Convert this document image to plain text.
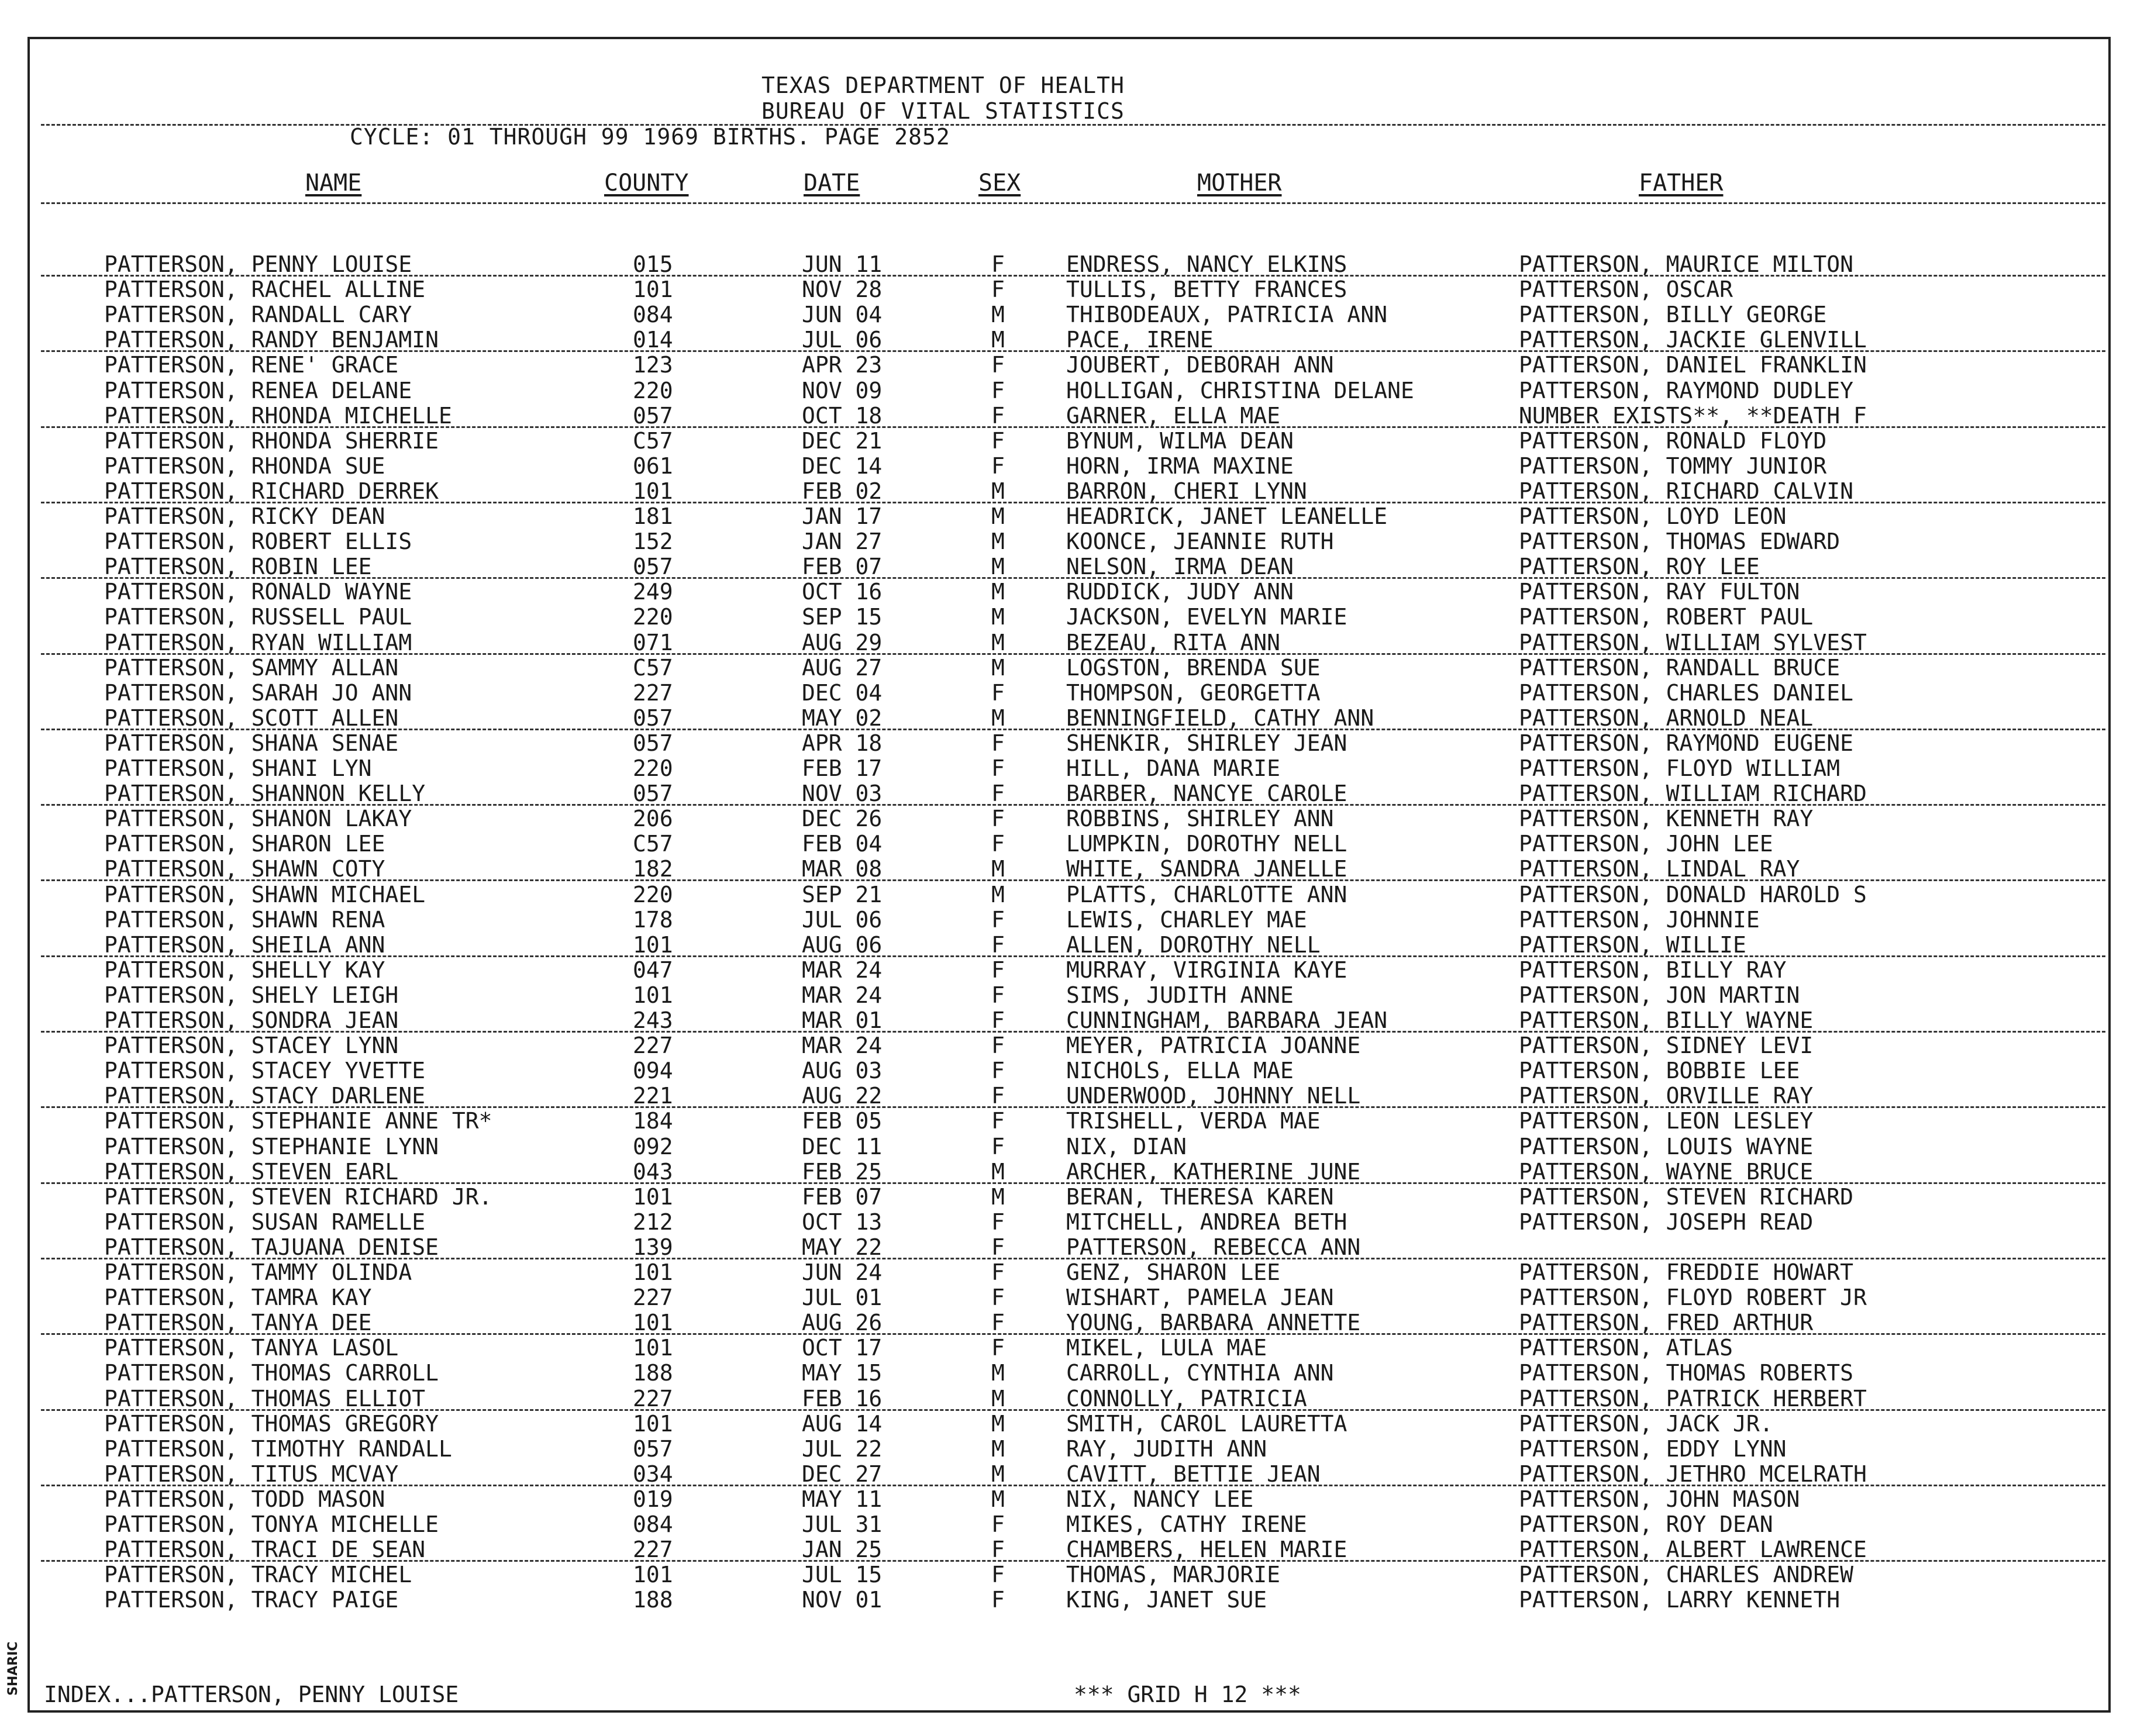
SHARIC
TEXAS DEPARTMENT OF HEALTH
BUREAU OF VITAL STATISTICS
CYCLE: 01 THROUGH 99 1969 BIRTHS. PAGE 2852
NAME	COUNTY	DATE	SEX	MOTHER	FATHER
PATTERSON, PENNY LOUISE	015	JUN 11	F	ENDRESS, NANCY ELKINS	PATTERSON, MAURICE MILTON
PATTERSON, RACHEL ALLINE	101	NOV 28	F	TULLIS, BETTY FRANCES	PATTERSON, OSCAR
PATTERSON, RANDALL CARY	084	JUN 04	M	THIBODEAUX, PATRICIA ANN	PATTERSON, BILLY GEORGE
PATTERSON, RANDY BENJAMIN	014	JUL 06	M	PACE, IRENE	PATTERSON, JACKIE GLENVILL
PATTERSON, RENE' GRACE	123	APR 23	F	JOUBERT, DEBORAH ANN	PATTERSON, DANIEL FRANKLIN
PATTERSON, RENEA DELANE	220	NOV 09	F	HOLLIGAN, CHRISTINA DELANE	PATTERSON, RAYMOND DUDLEY
PATTERSON, RHONDA MICHELLE	057	OCT 18	F	GARNER, ELLA MAE	NUMBER EXISTS**, **DEATH F
PATTERSON, RHONDA SHERRIE	C57	DEC 21	F	BYNUM, WILMA DEAN	PATTERSON, RONALD FLOYD
PATTERSON, RHONDA SUE	061	DEC 14	F	HORN, IRMA MAXINE	PATTERSON, TOMMY JUNIOR
PATTERSON, RICHARD DERREK	101	FEB 02	M	BARRON, CHERI LYNN	PATTERSON, RICHARD CALVIN
PATTERSON, RICKY DEAN	181	JAN 17	M	HEADRICK, JANET LEANELLE	PATTERSON, LOYD LEON
PATTERSON, ROBERT ELLIS	152	JAN 27	M	KOONCE, JEANNIE RUTH	PATTERSON, THOMAS EDWARD
PATTERSON, ROBIN LEE	057	FEB 07	M	NELSON, IRMA DEAN	PATTERSON, ROY LEE
PATTERSON, RONALD WAYNE	249	OCT 16	M	RUDDICK, JUDY ANN	PATTERSON, RAY FULTON
PATTERSON, RUSSELL PAUL	220	SEP 15	M	JACKSON, EVELYN MARIE	PATTERSON, ROBERT PAUL
PATTERSON, RYAN WILLIAM	071	AUG 29	M	BEZEAU, RITA ANN	PATTERSON, WILLIAM SYLVEST
PATTERSON, SAMMY ALLAN	C57	AUG 27	M	LOGSTON, BRENDA SUE	PATTERSON, RANDALL BRUCE
PATTERSON, SARAH JO ANN	227	DEC 04	F	THOMPSON, GEORGETTA	PATTERSON, CHARLES DANIEL
PATTERSON, SCOTT ALLEN	057	MAY 02	M	BENNINGFIELD, CATHY ANN	PATTERSON, ARNOLD NEAL
PATTERSON, SHANA SENAE	057	APR 18	F	SHENKIR, SHIRLEY JEAN	PATTERSON, RAYMOND EUGENE
PATTERSON, SHANI LYN	220	FEB 17	F	HILL, DANA MARIE	PATTERSON, FLOYD WILLIAM
PATTERSON, SHANNON KELLY	057	NOV 03	F	BARBER, NANCYE CAROLE	PATTERSON, WILLIAM RICHARD
PATTERSON, SHANON LAKAY	206	DEC 26	F	ROBBINS, SHIRLEY ANN	PATTERSON, KENNETH RAY
PATTERSON, SHARON LEE	C57	FEB 04	F	LUMPKIN, DOROTHY NELL	PATTERSON, JOHN LEE
PATTERSON, SHAWN COTY	182	MAR 08	M	WHITE, SANDRA JANELLE	PATTERSON, LINDAL RAY
PATTERSON, SHAWN MICHAEL	220	SEP 21	M	PLATTS, CHARLOTTE ANN	PATTERSON, DONALD HAROLD S
PATTERSON, SHAWN RENA	178	JUL 06	F	LEWIS, CHARLEY MAE	PATTERSON, JOHNNIE
PATTERSON, SHEILA ANN	101	AUG 06	F	ALLEN, DOROTHY NELL	PATTERSON, WILLIE
PATTERSON, SHELLY KAY	047	MAR 24	F	MURRAY, VIRGINIA KAYE	PATTERSON, BILLY RAY
PATTERSON, SHELY LEIGH	101	MAR 24	F	SIMS, JUDITH ANNE	PATTERSON, JON MARTIN
PATTERSON, SONDRA JEAN	243	MAR 01	F	CUNNINGHAM, BARBARA JEAN	PATTERSON, BILLY WAYNE
PATTERSON, STACEY LYNN	227	MAR 24	F	MEYER, PATRICIA JOANNE	PATTERSON, SIDNEY LEVI
PATTERSON, STACEY YVETTE	094	AUG 03	F	NICHOLS, ELLA MAE	PATTERSON, BOBBIE LEE
PATTERSON, STACY DARLENE	221	AUG 22	F	UNDERWOOD, JOHNNY NELL	PATTERSON, ORVILLE RAY
PATTERSON, STEPHANIE ANNE TR*	184	FEB 05	F	TRISHELL, VERDA MAE	PATTERSON, LEON LESLEY
PATTERSON, STEPHANIE LYNN	092	DEC 11	F	NIX, DIAN	PATTERSON, LOUIS WAYNE
PATTERSON, STEVEN EARL	043	FEB 25	M	ARCHER, KATHERINE JUNE	PATTERSON, WAYNE BRUCE
PATTERSON, STEVEN RICHARD JR.	101	FEB 07	M	BERAN, THERESA KAREN	PATTERSON, STEVEN RICHARD
PATTERSON, SUSAN RAMELLE	212	OCT 13	F	MITCHELL, ANDREA BETH	PATTERSON, JOSEPH READ
PATTERSON, TAJUANA DENISE	139	MAY 22	F	PATTERSON, REBECCA ANN
PATTERSON, TAMMY OLINDA	101	JUN 24	F	GENZ, SHARON LEE	PATTERSON, FREDDIE HOWART
PATTERSON, TAMRA KAY	227	JUL 01	F	WISHART, PAMELA JEAN	PATTERSON, FLOYD ROBERT JR
PATTERSON, TANYA DEE	101	AUG 26	F	YOUNG, BARBARA ANNETTE	PATTERSON, FRED ARTHUR
PATTERSON, TANYA LASOL	101	OCT 17	F	MIKEL, LULA MAE	PATTERSON, ATLAS
PATTERSON, THOMAS CARROLL	188	MAY 15	M	CARROLL, CYNTHIA ANN	PATTERSON, THOMAS ROBERTS
PATTERSON, THOMAS ELLIOT	227	FEB 16	M	CONNOLLY, PATRICIA	PATTERSON, PATRICK HERBERT
PATTERSON, THOMAS GREGORY	101	AUG 14	M	SMITH, CAROL LAURETTA	PATTERSON, JACK JR.
PATTERSON, TIMOTHY RANDALL	057	JUL 22	M	RAY, JUDITH ANN	PATTERSON, EDDY LYNN
PATTERSON, TITUS MCVAY	034	DEC 27	M	CAVITT, BETTIE JEAN	PATTERSON, JETHRO MCELRATH
PATTERSON, TODD MASON	019	MAY 11	M	NIX, NANCY LEE	PATTERSON, JOHN MASON
PATTERSON, TONYA MICHELLE	084	JUL 31	F	MIKES, CATHY IRENE	PATTERSON, ROY DEAN
PATTERSON, TRACI DE SEAN	227	JAN 25	F	CHAMBERS, HELEN MARIE	PATTERSON, ALBERT LAWRENCE
PATTERSON, TRACY MICHEL	101	JUL 15	F	THOMAS, MARJORIE	PATTERSON, CHARLES ANDREW
PATTERSON, TRACY PAIGE	188	NOV 01	F	KING, JANET SUE	PATTERSON, LARRY KENNETH
INDEX...PATTERSON, PENNY LOUISE	*** GRID H 12 ***
